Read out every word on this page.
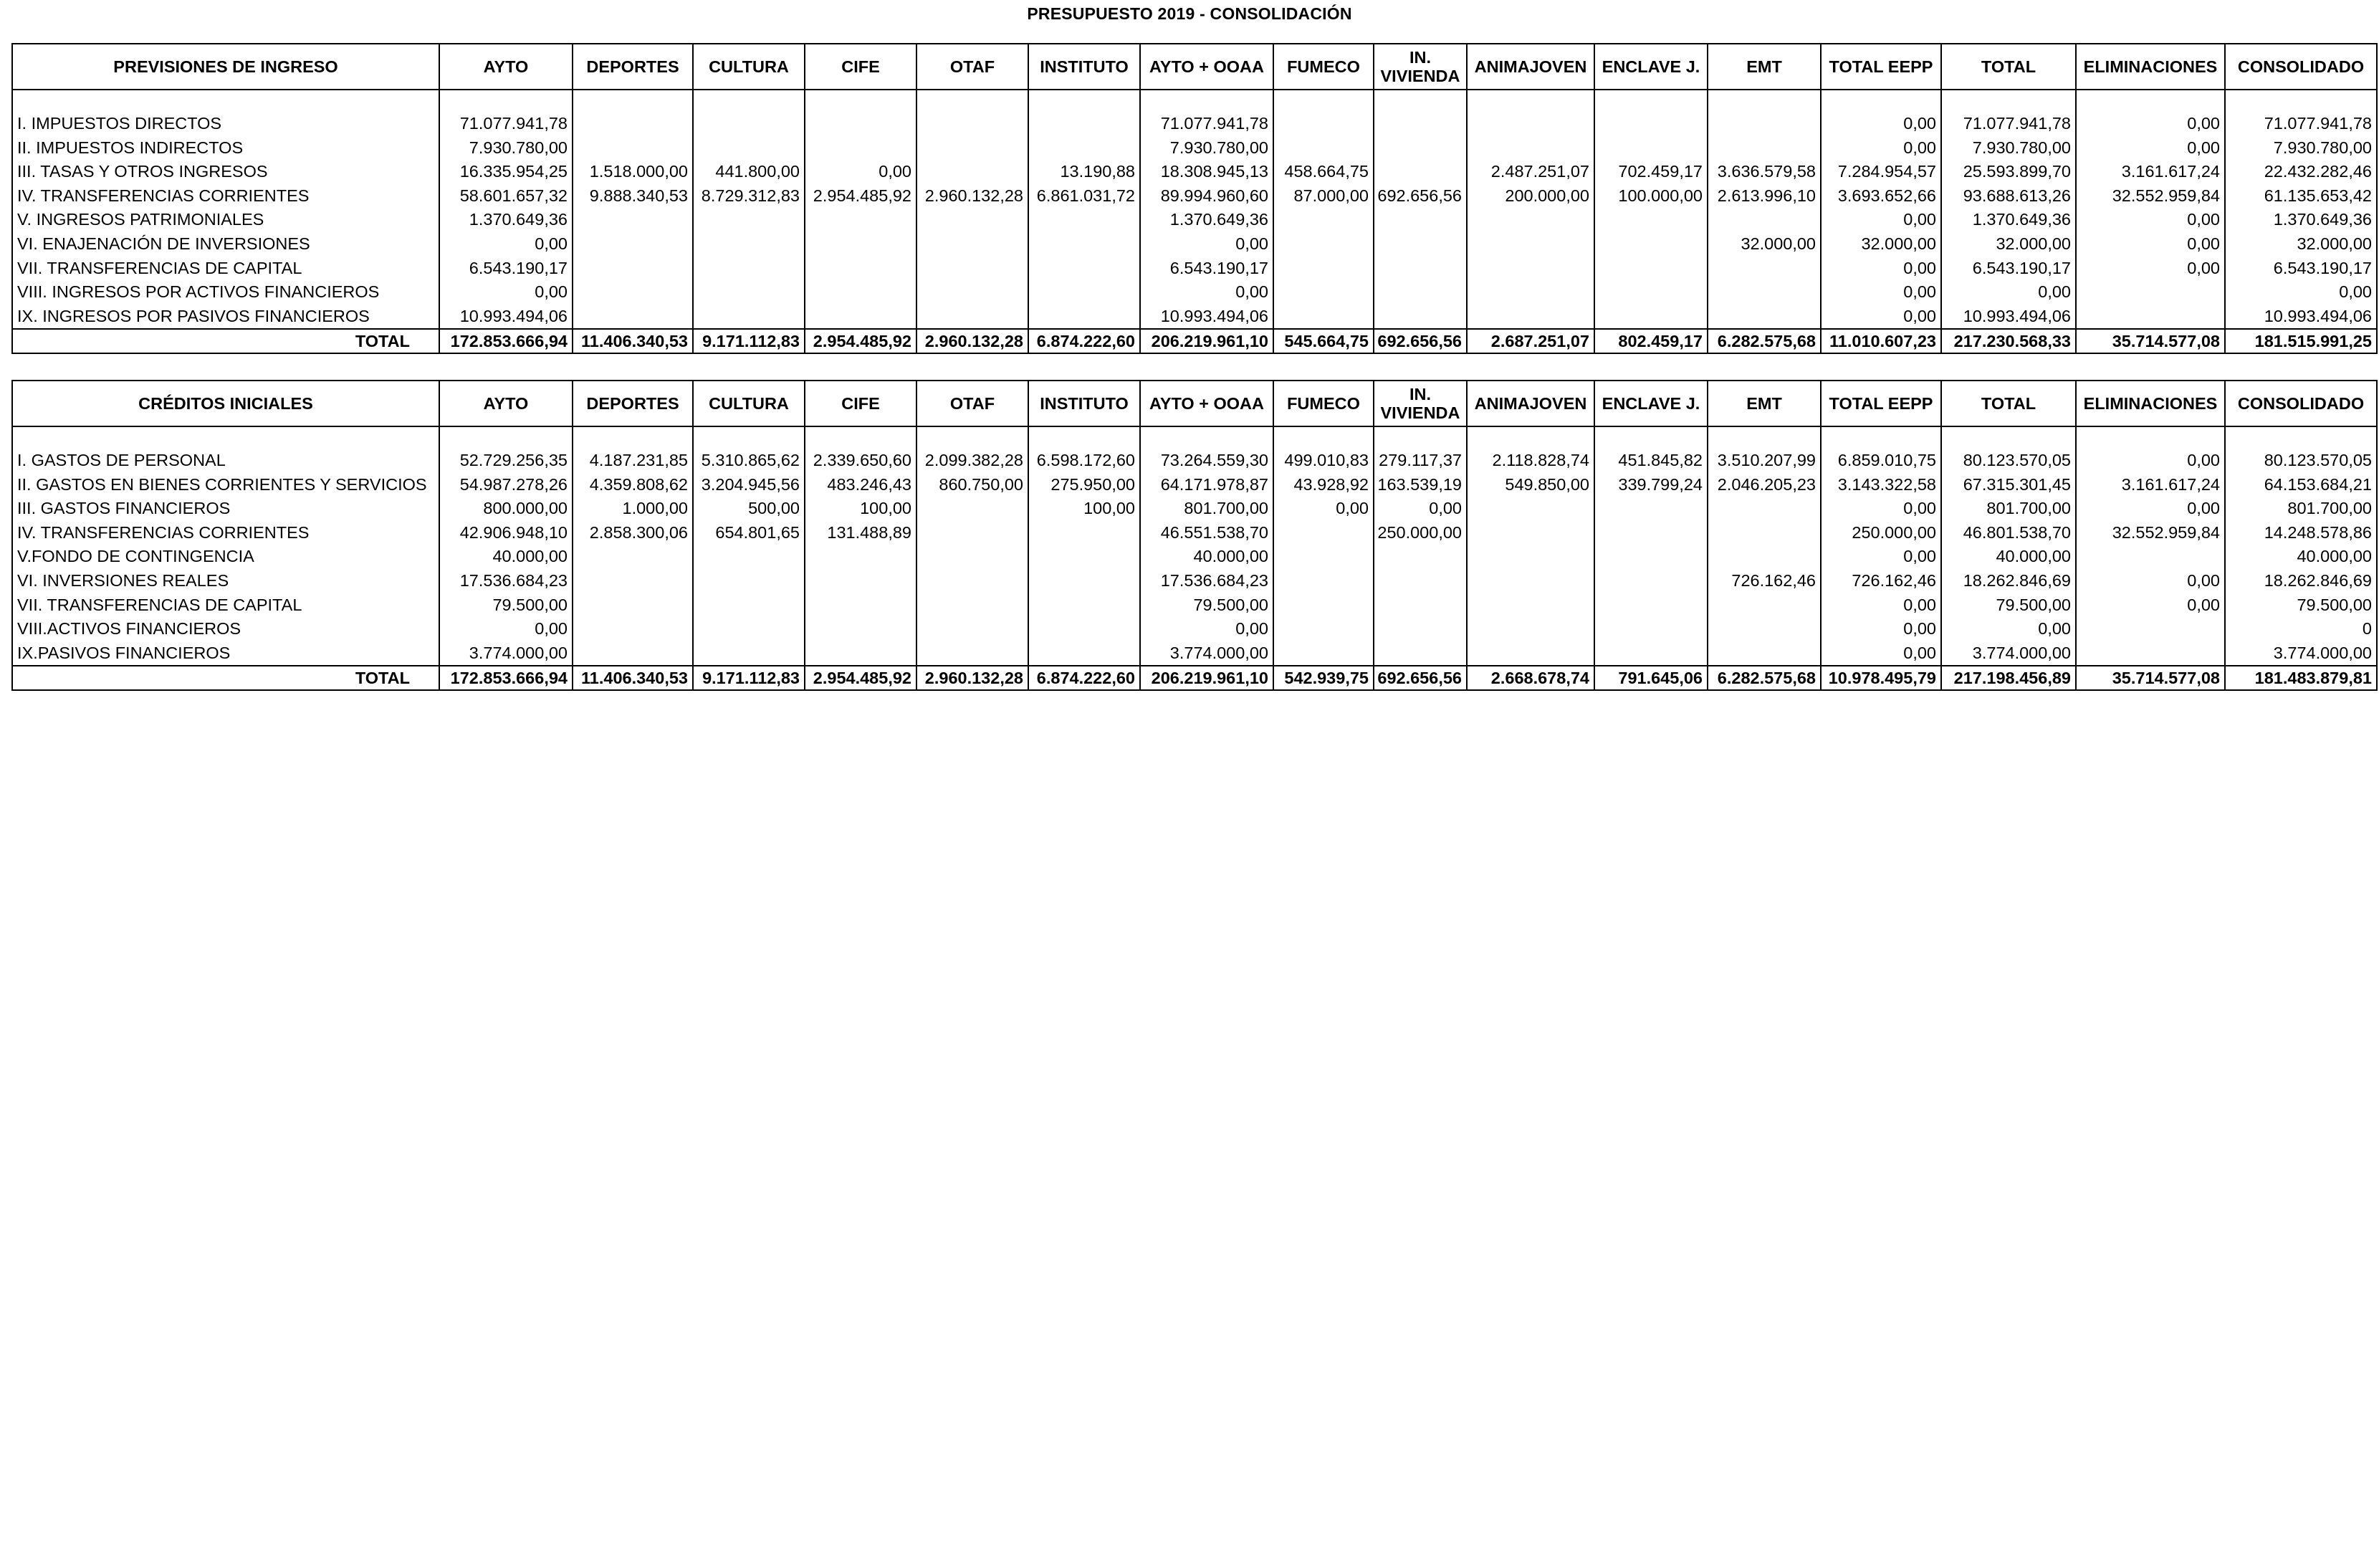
PRESUPUESTO 2019 - CONSOLIDACIÓN
PREVISIONES DE INGRESO	AYTO	DEPORTES	CULTURA	CIFE	OTAF	INSTITUTO	AYTO + OOAA	FUMECO	IN. VIVIENDA	ANIMAJOVEN	ENCLAVE J.	EMT	TOTAL EEPP	TOTAL	ELIMINACIONES	CONSOLIDADO

I. IMPUESTOS DIRECTOS	71.077.941,78						71.077.941,78						0,00	71.077.941,78	0,00	71.077.941,78
II. IMPUESTOS INDIRECTOS	7.930.780,00						7.930.780,00						0,00	7.930.780,00	0,00	7.930.780,00
III. TASAS Y OTROS INGRESOS	16.335.954,25	1.518.000,00	441.800,00	0,00		13.190,88	18.308.945,13	458.664,75		2.487.251,07	702.459,17	3.636.579,58	7.284.954,57	25.593.899,70	3.161.617,24	22.432.282,46
IV. TRANSFERENCIAS CORRIENTES	58.601.657,32	9.888.340,53	8.729.312,83	2.954.485,92	2.960.132,28	6.861.031,72	89.994.960,60	87.000,00	692.656,56	200.000,00	100.000,00	2.613.996,10	3.693.652,66	93.688.613,26	32.552.959,84	61.135.653,42
V. INGRESOS PATRIMONIALES	1.370.649,36						1.370.649,36						0,00	1.370.649,36	0,00	1.370.649,36
VI. ENAJENACIÓN DE INVERSIONES	0,00						0,00					32.000,00	32.000,00	32.000,00	0,00	32.000,00
VII. TRANSFERENCIAS DE CAPITAL	6.543.190,17						6.543.190,17						0,00	6.543.190,17	0,00	6.543.190,17
VIII. INGRESOS POR ACTIVOS FINANCIEROS	0,00						0,00						0,00	0,00		0,00
IX. INGRESOS POR PASIVOS FINANCIEROS	10.993.494,06						10.993.494,06						0,00	10.993.494,06		10.993.494,06
TOTAL	172.853.666,94	11.406.340,53	9.171.112,83	2.954.485,92	2.960.132,28	6.874.222,60	206.219.961,10	545.664,75	692.656,56	2.687.251,07	802.459,17	6.282.575,68	11.010.607,23	217.230.568,33	35.714.577,08	181.515.991,25
CRÉDITOS INICIALES	AYTO	DEPORTES	CULTURA	CIFE	OTAF	INSTITUTO	AYTO + OOAA	FUMECO	IN. VIVIENDA	ANIMAJOVEN	ENCLAVE J.	EMT	TOTAL EEPP	TOTAL	ELIMINACIONES	CONSOLIDADO

I. GASTOS DE PERSONAL	52.729.256,35	4.187.231,85	5.310.865,62	2.339.650,60	2.099.382,28	6.598.172,60	73.264.559,30	499.010,83	279.117,37	2.118.828,74	451.845,82	3.510.207,99	6.859.010,75	80.123.570,05	0,00	80.123.570,05
II. GASTOS EN BIENES CORRIENTES Y SERVICIOS	54.987.278,26	4.359.808,62	3.204.945,56	483.246,43	860.750,00	275.950,00	64.171.978,87	43.928,92	163.539,19	549.850,00	339.799,24	2.046.205,23	3.143.322,58	67.315.301,45	3.161.617,24	64.153.684,21
III. GASTOS FINANCIEROS	800.000,00	1.000,00	500,00	100,00		100,00	801.700,00	0,00	0,00				0,00	801.700,00	0,00	801.700,00
IV. TRANSFERENCIAS CORRIENTES	42.906.948,10	2.858.300,06	654.801,65	131.488,89			46.551.538,70		250.000,00				250.000,00	46.801.538,70	32.552.959,84	14.248.578,86
V.FONDO DE CONTINGENCIA	40.000,00						40.000,00						0,00	40.000,00		40.000,00
VI. INVERSIONES REALES	17.536.684,23						17.536.684,23					726.162,46	726.162,46	18.262.846,69	0,00	18.262.846,69
VII. TRANSFERENCIAS DE CAPITAL	79.500,00						79.500,00						0,00	79.500,00	0,00	79.500,00
VIII.ACTIVOS FINANCIEROS	0,00						0,00						0,00	0,00		0
IX.PASIVOS FINANCIEROS	3.774.000,00						3.774.000,00						0,00	3.774.000,00		3.774.000,00
TOTAL	172.853.666,94	11.406.340,53	9.171.112,83	2.954.485,92	2.960.132,28	6.874.222,60	206.219.961,10	542.939,75	692.656,56	2.668.678,74	791.645,06	6.282.575,68	10.978.495,79	217.198.456,89	35.714.577,08	181.483.879,81
